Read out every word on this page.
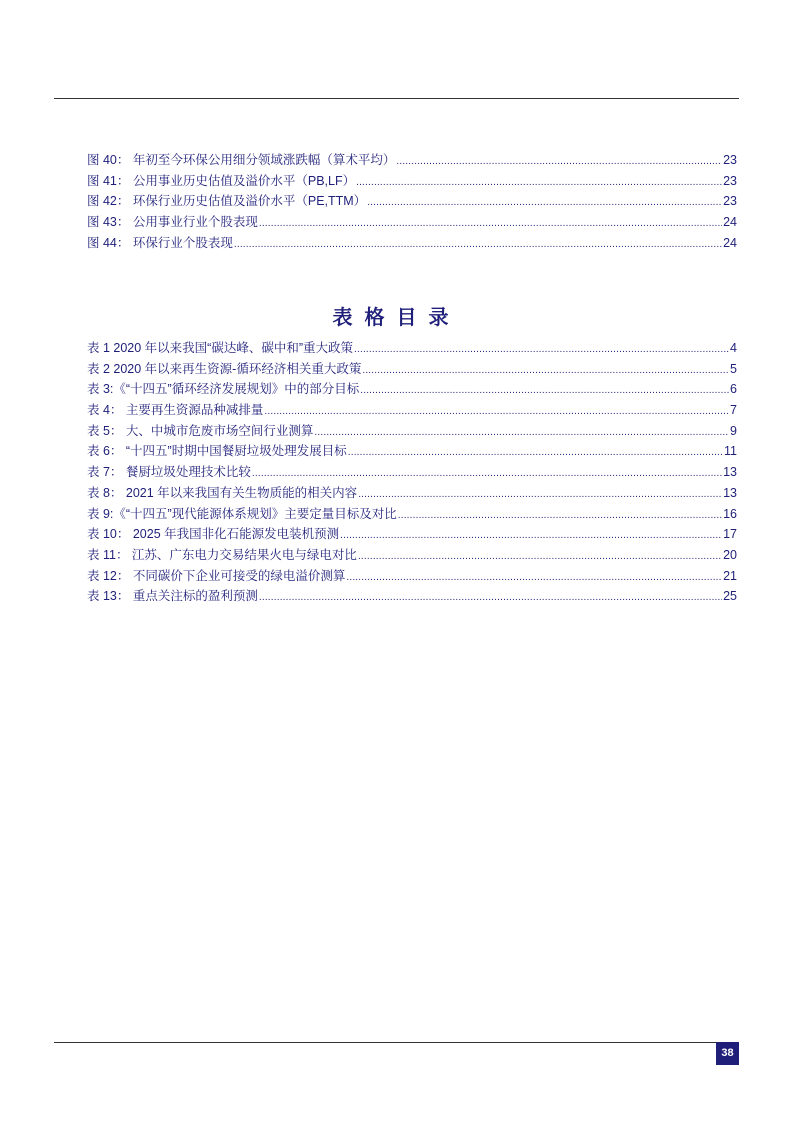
图 40： 年初至今环保公用细分领域涨跌幅（算术平均） .....	23
图 41： 公用事业历史估值及溢价水平（PB,LF） .....	23
图 42： 环保行业历史估值及溢价水平（PE,TTM） .....	23
图 43： 公用事业行业个股表现 .....	24
图 44： 环保行业个股表现 .....	24
表格目录
表 1 2020 年以来我国“碳达峰、碳中和”重大政策 .....	4
表 2 2020 年以来再生资源-循环经济相关重大政策 .....	5
表 3:《“十四五”循环经济发展规划》中的部分目标 .....	6
表 4： 主要再生资源品种减排量 .....	7
表 5： 大、中城市危废市场空间行业测算 .....	9
表 6： “十四五”时期中国餐厨垃圾处理发展目标 .....	11
表 7： 餐厨垃圾处理技术比较 .....	13
表 8： 2021 年以来我国有关生物质能的相关内容 .....	13
表 9:《“十四五”现代能源体系规划》主要定量目标及对比 .....	16
表 10： 2025 年我国非化石能源发电装机预测 .....	17
表 11： 江苏、广东电力交易结果火电与绿电对比 .....	20
表 12： 不同碳价下企业可接受的绿电溢价测算 .....	21
表 13： 重点关注标的盈利预测 .....	25
38
